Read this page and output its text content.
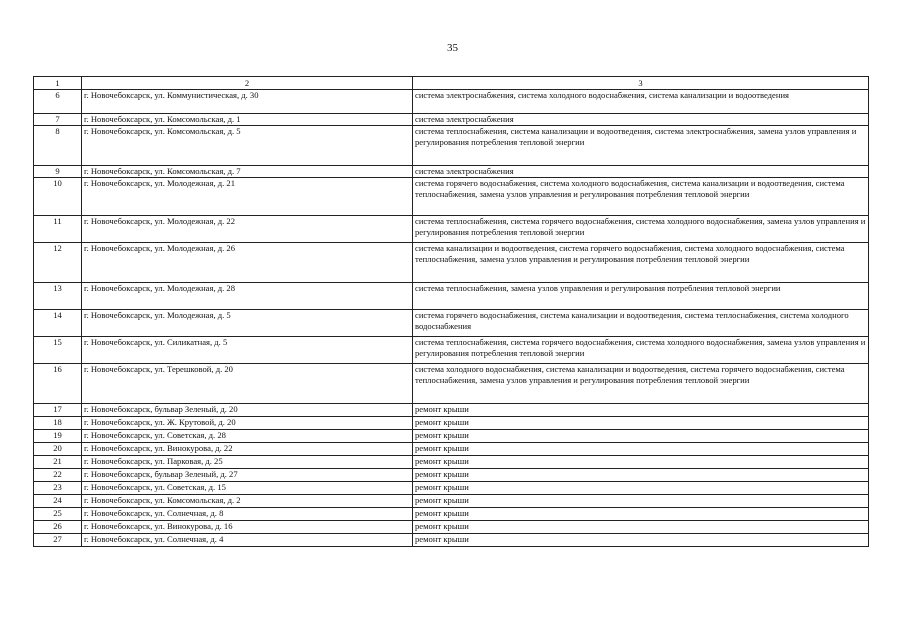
35
1	2	3
6	г. Новочебоксарск, ул. Коммунистическая, д. 30	система электроснабжения, система холодного водоснабжения, система канализации и водоотведения
7	г. Новочебоксарск, ул. Комсомольская, д. 1	система электроснабжения
8	г. Новочебоксарск, ул. Комсомольская, д. 5	система теплоснабжения, система канализации и водоотведения, система электроснабжения, замена узлов управления и регулирования потребления тепловой энергии
9	г. Новочебоксарск, ул. Комсомольская, д. 7	система электроснабжения
10	г. Новочебоксарск, ул. Молодежная, д. 21	система горячего водоснабжения, система холодного водоснабжения, система канализации и водоотведения, система теплоснабжения, замена узлов управления и регулирования потребления тепловой энергии
11	г. Новочебоксарск, ул. Молодежная, д. 22	система теплоснабжения, система горячего водоснабжения, система холодного водоснабжения, замена узлов управления и регулирования потребления тепловой энергии
12	г. Новочебоксарск, ул. Молодежная, д. 26	система канализации и водоотведения, система горячего водоснабжения, система холодного водоснабжения, система теплоснабжения, замена узлов управления и регулирования потребления тепловой энергии
13	г. Новочебоксарск, ул. Молодежная, д. 28	система теплоснабжения, замена узлов управления и регулирования потребления тепловой энергии
14	г. Новочебоксарск, ул. Молодежная, д. 5	система горячего водоснабжения, система канализации и водоотведения, система теплоснабжения, система холодного водоснабжения
15	г. Новочебоксарск, ул. Силикатная, д. 5	система теплоснабжения, система горячего водоснабжения, система холодного водоснабжения, замена узлов управления и регулирования потребления тепловой энергии
16	г. Новочебоксарск, ул. Терешковой, д. 20	система холодного водоснабжения, система канализации и водоотведения, система горячего водоснабжения, система теплоснабжения, замена узлов управления и регулирования потребления тепловой энергии
17	г. Новочебоксарск, бульвар Зеленый, д. 20	ремонт крыши
18	г. Новочебоксарск, ул. Ж. Крутовой, д. 20	ремонт крыши
19	г. Новочебоксарск, ул. Советская, д. 28	ремонт крыши
20	г. Новочебоксарск, ул. Винокурова, д. 22	ремонт крыши
21	г. Новочебоксарск, ул. Парковая, д. 25	ремонт крыши
22	г. Новочебоксарск, бульвар Зеленый, д. 27	ремонт крыши
23	г. Новочебоксарск, ул. Советская, д. 15	ремонт крыши
24	г. Новочебоксарск, ул. Комсомольская, д. 2	ремонт крыши
25	г. Новочебоксарск, ул. Солнечная, д. 8	ремонт крыши
26	г. Новочебоксарск, ул. Винокурова, д. 16	ремонт крыши
27	г. Новочебоксарск, ул. Солнечная, д. 4	ремонт крыши
